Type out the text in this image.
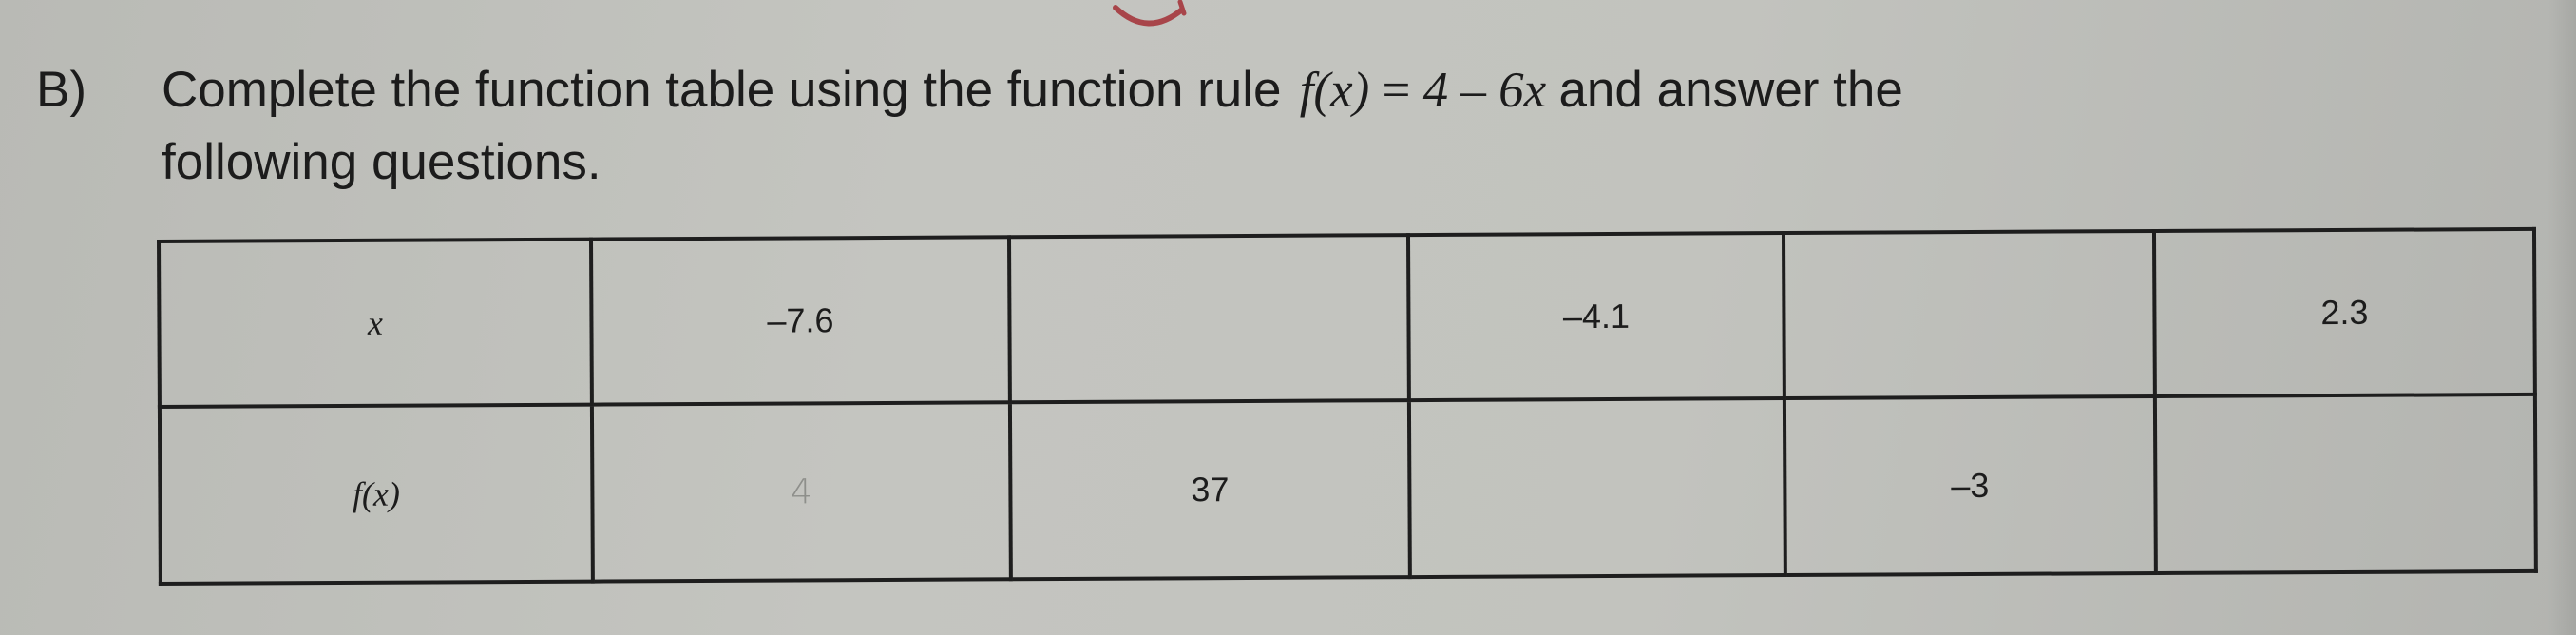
B) Complete the function table using the function rule   f(x) = 4 – 6x and answer the
following questions.
x	–7.6		–4.1		2.3
f(x)	4	37		–3	
